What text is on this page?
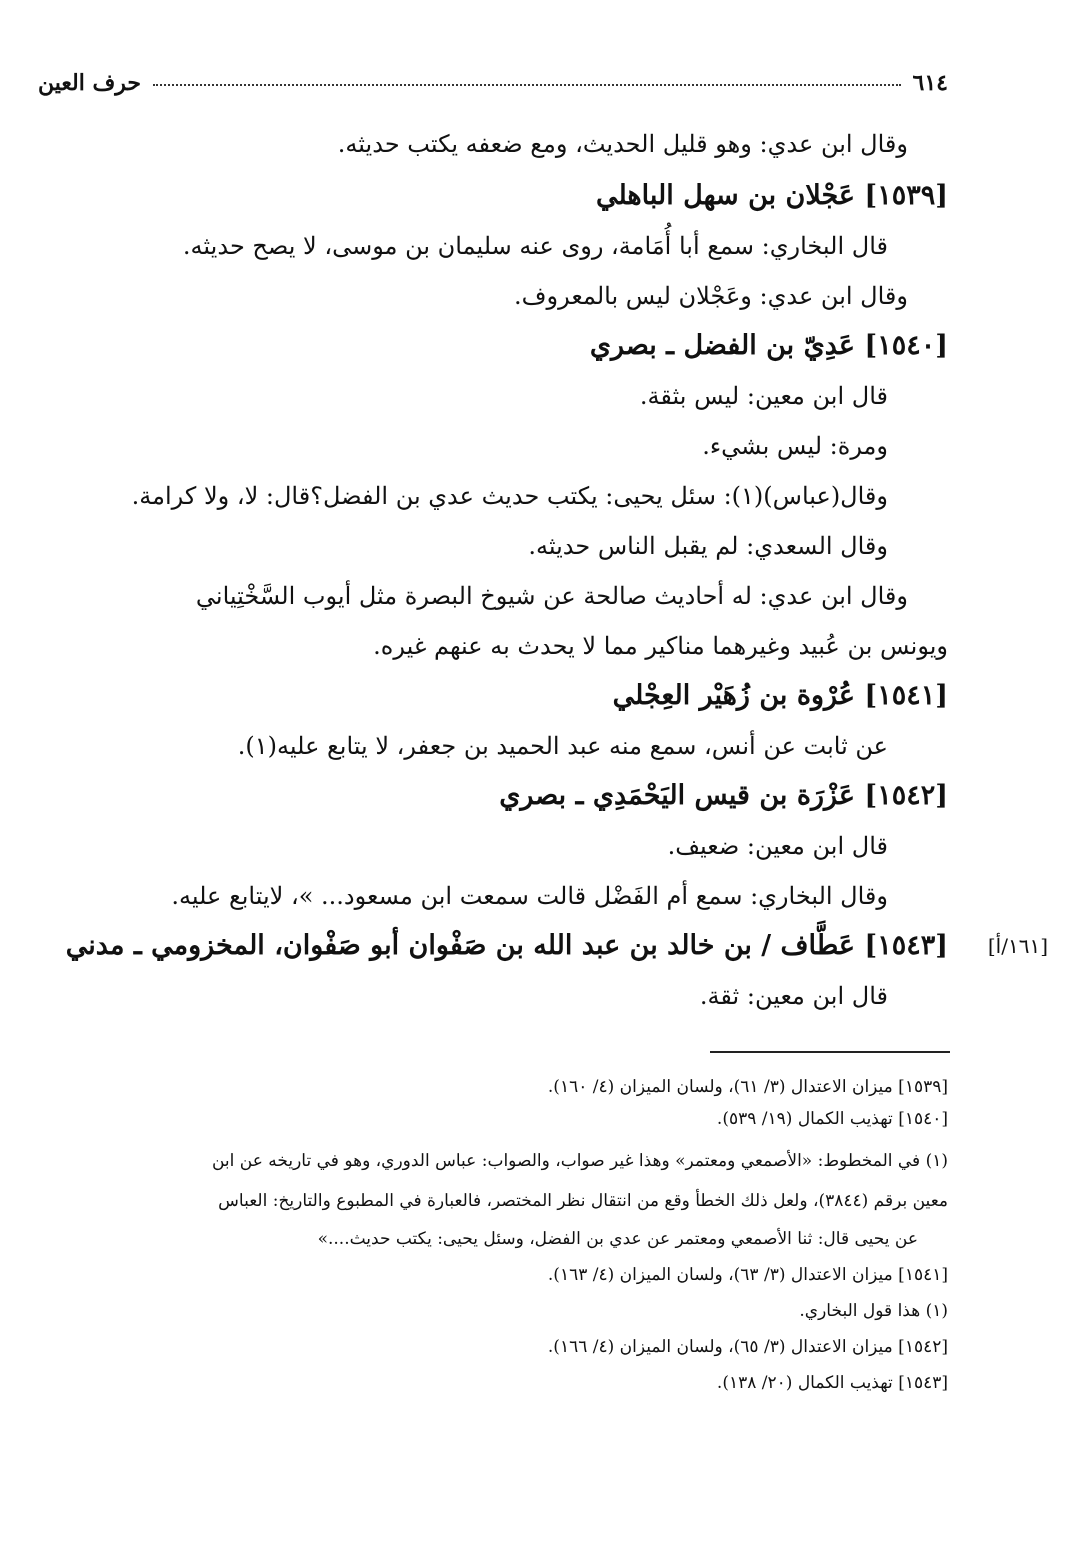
٦١٤
حرف العين
وقال ابن عدي: وهو قليل الحديث، ومع ضعفه يكتب حديثه.
[١٥٣٩] عَجْلان بن سهل الباهلي
قال البخاري: سمع أبا أُمَامة، روى عنه سليمان بن موسى، لا يصح حديثه.
وقال ابن عدي: وعَجْلان ليس بالمعروف.
[١٥٤٠] عَدِيّ بن الفضل ـ بصري
قال ابن معين: ليس بثقة.
ومرة: ليس بشيء.
وقال(عباس)(١): سئل يحيى: يكتب حديث عدي بن الفضل؟قال: لا، ولا كرامة.
وقال السعدي: لم يقبل الناس حديثه.
وقال ابن عدي: له أحاديث صالحة عن شيوخ البصرة مثل أيوب السَّخْتِياني
ويونس بن عُبيد وغيرهما مناكير مما لا يحدث به عنهم غيره.
[١٥٤١] عُرْوة بن زُهَيْر العِجْلي
عن ثابت عن أنس، سمع منه عبد الحميد بن جعفر، لا يتابع عليه(١).
[١٥٤٢] عَزْرَة بن قيس اليَحْمَدِي ـ بصري
قال ابن معين: ضعيف.
وقال البخاري: سمع أم الفَضْل قالت سمعت ابن مسعود... »، لايتابع عليه.
[١٥٤٣] عَطَّاف / بن خالد بن عبد الله بن صَفْوان أبو صَفْوان، المخزومي ـ مدني [١٦١/أ]
قال ابن معين: ثقة.
[١٥٣٩] ميزان الاعتدال (٣/ ٦١)، ولسان الميزان (٤/ ١٦٠).
[١٥٤٠] تهذيب الكمال (١٩/ ٥٣٩).
(١) في المخطوط: «الأصمعي ومعتمر» وهذا غير صواب، والصواب: عباس الدوري، وهو في تاريخه عن ابن
معين برقم (٣٨٤٤)، ولعل ذلك الخطأ وقع من انتقال نظر المختصر، فالعبارة في المطبوع والتاريخ: العباس
عن يحيى قال: ثنا الأصمعي ومعتمر عن عدي بن الفضل، وسئل يحيى: يكتب حديث....»
[١٥٤١] ميزان الاعتدال (٣/ ٦٣)، ولسان الميزان (٤/ ١٦٣).
(١) هذا قول البخاري.
[١٥٤٢] ميزان الاعتدال (٣/ ٦٥)، ولسان الميزان (٤/ ١٦٦).
[١٥٤٣] تهذيب الكمال (٢٠/ ١٣٨).
